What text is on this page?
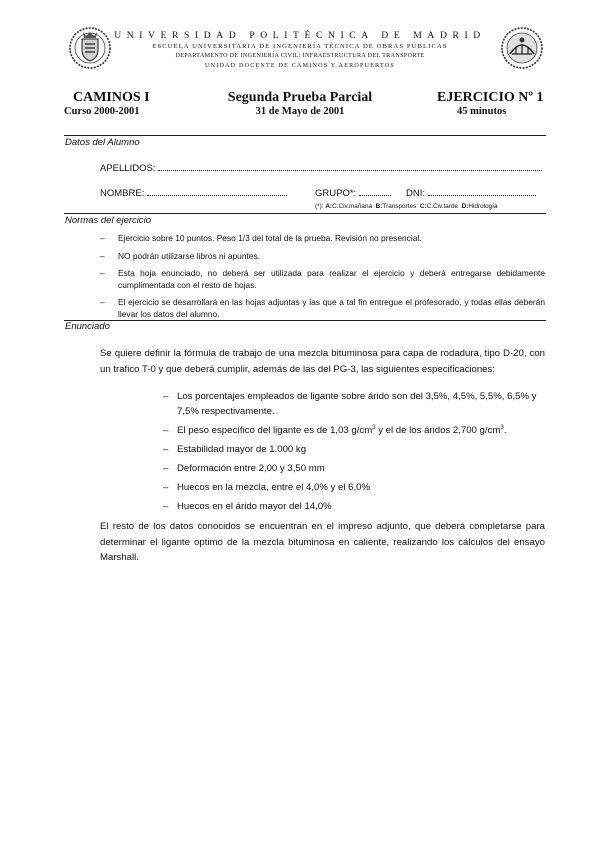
UNIVERSIDAD POLITÉCNICA DE MADRID
ESCUELA UNIVERSITARIA DE INGENIERÍA TÉCNICA DE OBRAS PÚBLICAS
DEPARTAMENTO DE INGENIERÍA CIVIL: INFRAESTRUCTURA DEL TRANSPORTE
UNIDAD DOCENTE DE CAMINOS Y AEROPUERTOS
CAMINOS I
Curso 2000-2001
Segunda Prueba Parcial
31 de Mayo de 2001
EJERCICIO Nº 1
45 minutos
Datos del Alumno
APELLIDOS:
NOMBRE:	GRUPO*:	DNI:
(*): A:C.Civ.mañana B:Transportes C:C.Civ.tarde D:Hidrología
Normas del ejercicio
– Ejercicio sobre 10 puntos. Peso 1/3 del total de la prueba. Revisión no presencial.
– NO podrán utilizarse libros ni apuntes.
– Esta hoja enunciado, no deberá ser utilizada para realizar el ejercicio y deberá entregarse debidamente cumplimentada con el resto de hojas.
– El ejercicio se desarrollará en las hojas adjuntas y las que a tal fin entregue el profesorado, y todas ellas deberán llevar los datos del alumno.
Enunciado
Se quiere definir la fórmula de trabajo de una mezcla bituminosa para capa de rodadura, tipo D-20, con un trafico T-0 y que deberá cumplir, además de las del PG-3, las siguientes especificaciones:
– Los porcentajes empleados de ligante sobre árido son del 3,5%, 4,5%, 5,5%, 6,5% y 7,5% respectivamente.
– El peso específico del ligante es de 1,03 $g/cm^3$ y el de los áridos 2,700 $g/cm^3$.
– Estabilidad mayor de 1.000 kg
– Deformación entre 2,00 y 3,50 mm
– Huecos en la mezcla, entre el 4,0% y el 6,0%
– Huecos en el árido mayor del 14,0%
El resto de los datos conocidos se encuentran en el impreso adjunto, que deberá completarse para determinar el ligante optimo de la mezcla bituminosa en caliente, realizando los cálculos del ensayo Marshall.
